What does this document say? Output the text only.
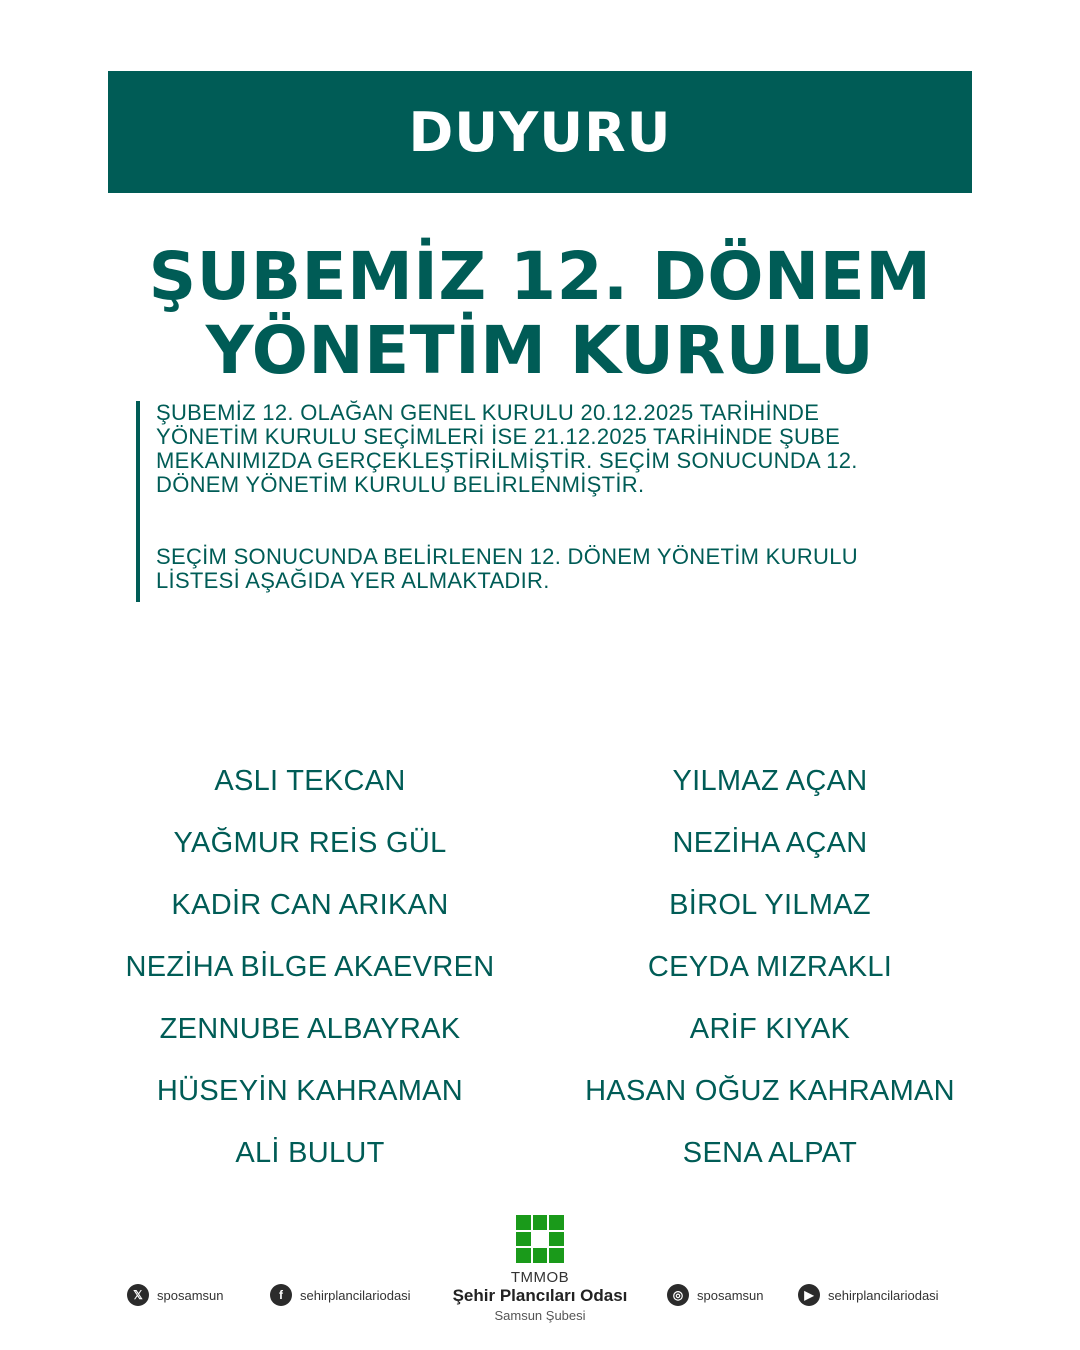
DUYURU
ŞUBEMİZ 12. DÖNEM
YÖNETİM KURULU

ŞUBEMİZ 12. OLAĞAN GENEL KURULU 20.12.2025 TARİHİNDE YÖNETİM KURULU SEÇİMLERİ İSE 21.12.2025 TARİHİNDE ŞUBE MEKANIMIZDA GERÇEKLEŞTİRİLMİŞTİR. SEÇİM SONUCUNDA 12. DÖNEM YÖNETİM KURULU BELİRLENMİŞTİR.

SEÇİM SONUCUNDA BELİRLENEN 12. DÖNEM YÖNETİM KURULU LİSTESİ AŞAĞIDA YER ALMAKTADIR.

ASLI TEKCAN
YAĞMUR REİS GÜL
KADİR CAN ARIKAN
NEZİHA BİLGE AKAEVREN
ZENNUBE ALBAYRAK
HÜSEYİN KAHRAMAN
ALİ BULUT
YILMAZ AÇAN
NEZİHA AÇAN
BİROL YILMAZ
CEYDA MIZRAKLI
ARİF KIYAK
HASAN OĞUZ KAHRAMAN
SENA ALPAT
𝕏	sposamsun	f	sehirplancilariodasi
TMMOB
Şehir Plancıları Odası
Samsun Şubesi
◎	sposamsun	▶	sehirplancilariodasi
